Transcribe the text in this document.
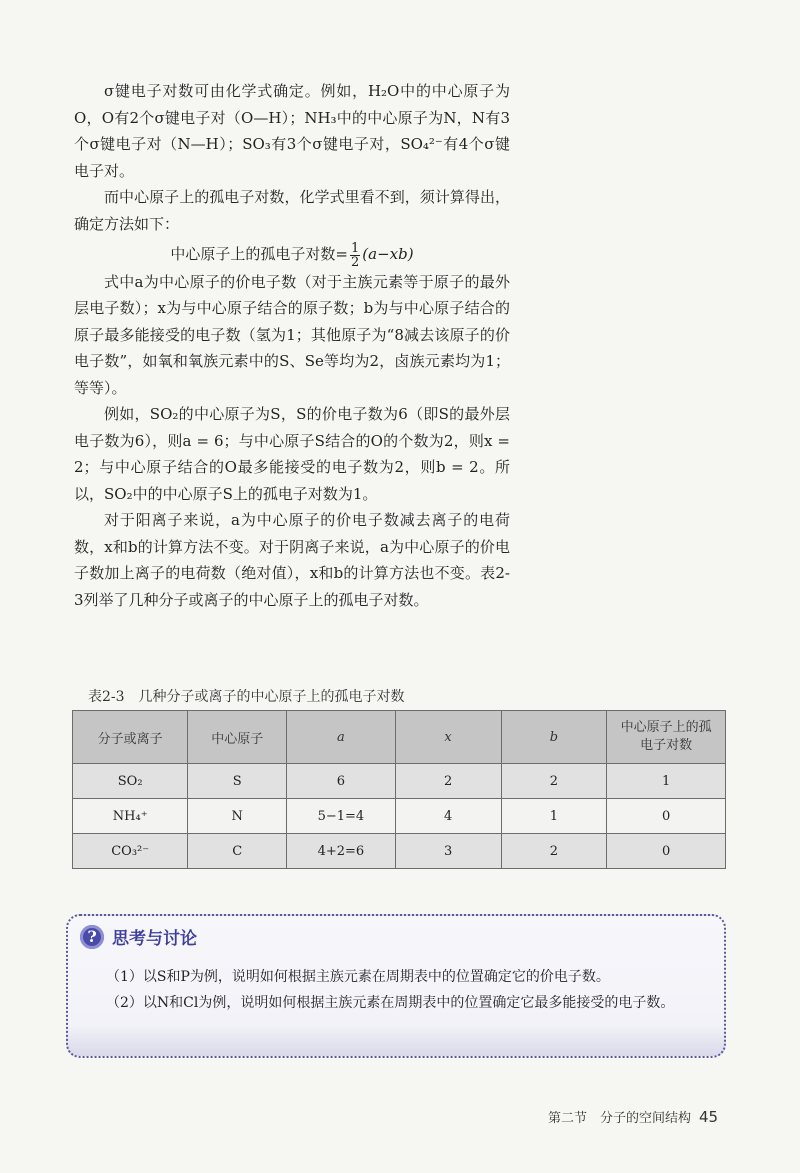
σ键电子对数可由化学式确定。例如，H₂O中的中心原子为O，O有2个σ键电子对（O—H）；NH₃中的中心原子为N，N有3个σ键电子对（N—H）；SO₃有3个σ键电子对，SO₄²⁻有4个σ键电子对。

而中心原子上的孤电子对数，化学式里看不到，须计算得出，确定方法如下：

中心原子上的孤电子对数= $\frac{1}{2} (a-xb)$

式中a为中心原子的价电子数（对于主族元素等于原子的最外层电子数）；x为与中心原子结合的原子数；b为与中心原子结合的原子最多能接受的电子数（氢为1；其他原子为“8减去该原子的价电子数”，如氧和氧族元素中的S、Se等均为2，卤族元素均为1；等等）。

例如，SO₂的中心原子为S，S的价电子数为6（即S的最外层电子数为6），则a = 6；与中心原子S结合的O的个数为2，则x = 2；与中心原子结合的O最多能接受的电子数为2，则b = 2。所以，SO₂中的中心原子S上的孤电子对数为1。

对于阳离子来说，a为中心原子的价电子数减去离子的电荷数，x和b的计算方法不变。对于阴离子来说，a为中心原子的价电子数加上离子的电荷数（绝对值），x和b的计算方法也不变。表2-3列举了几种分子或离子的中心原子上的孤电子对数。

表2-3 几种分子或离子的中心原子上的孤电子对数
分子或离子	中心原子	a	x	b	中心原子上的孤电子对数
SO₂	S	6	2	2	1
NH₄⁺	N	5−1=4	4	1	0
CO₃²⁻	C	4+2=6	3	2	0
? 思考与讨论

（1）以S和P为例，说明如何根据主族元素在周期表中的位置确定它的价电子数。

（2）以N和Cl为例，说明如何根据主族元素在周期表中的位置确定它最多能接受的电子数。

第二节　分子的空间结构 45
